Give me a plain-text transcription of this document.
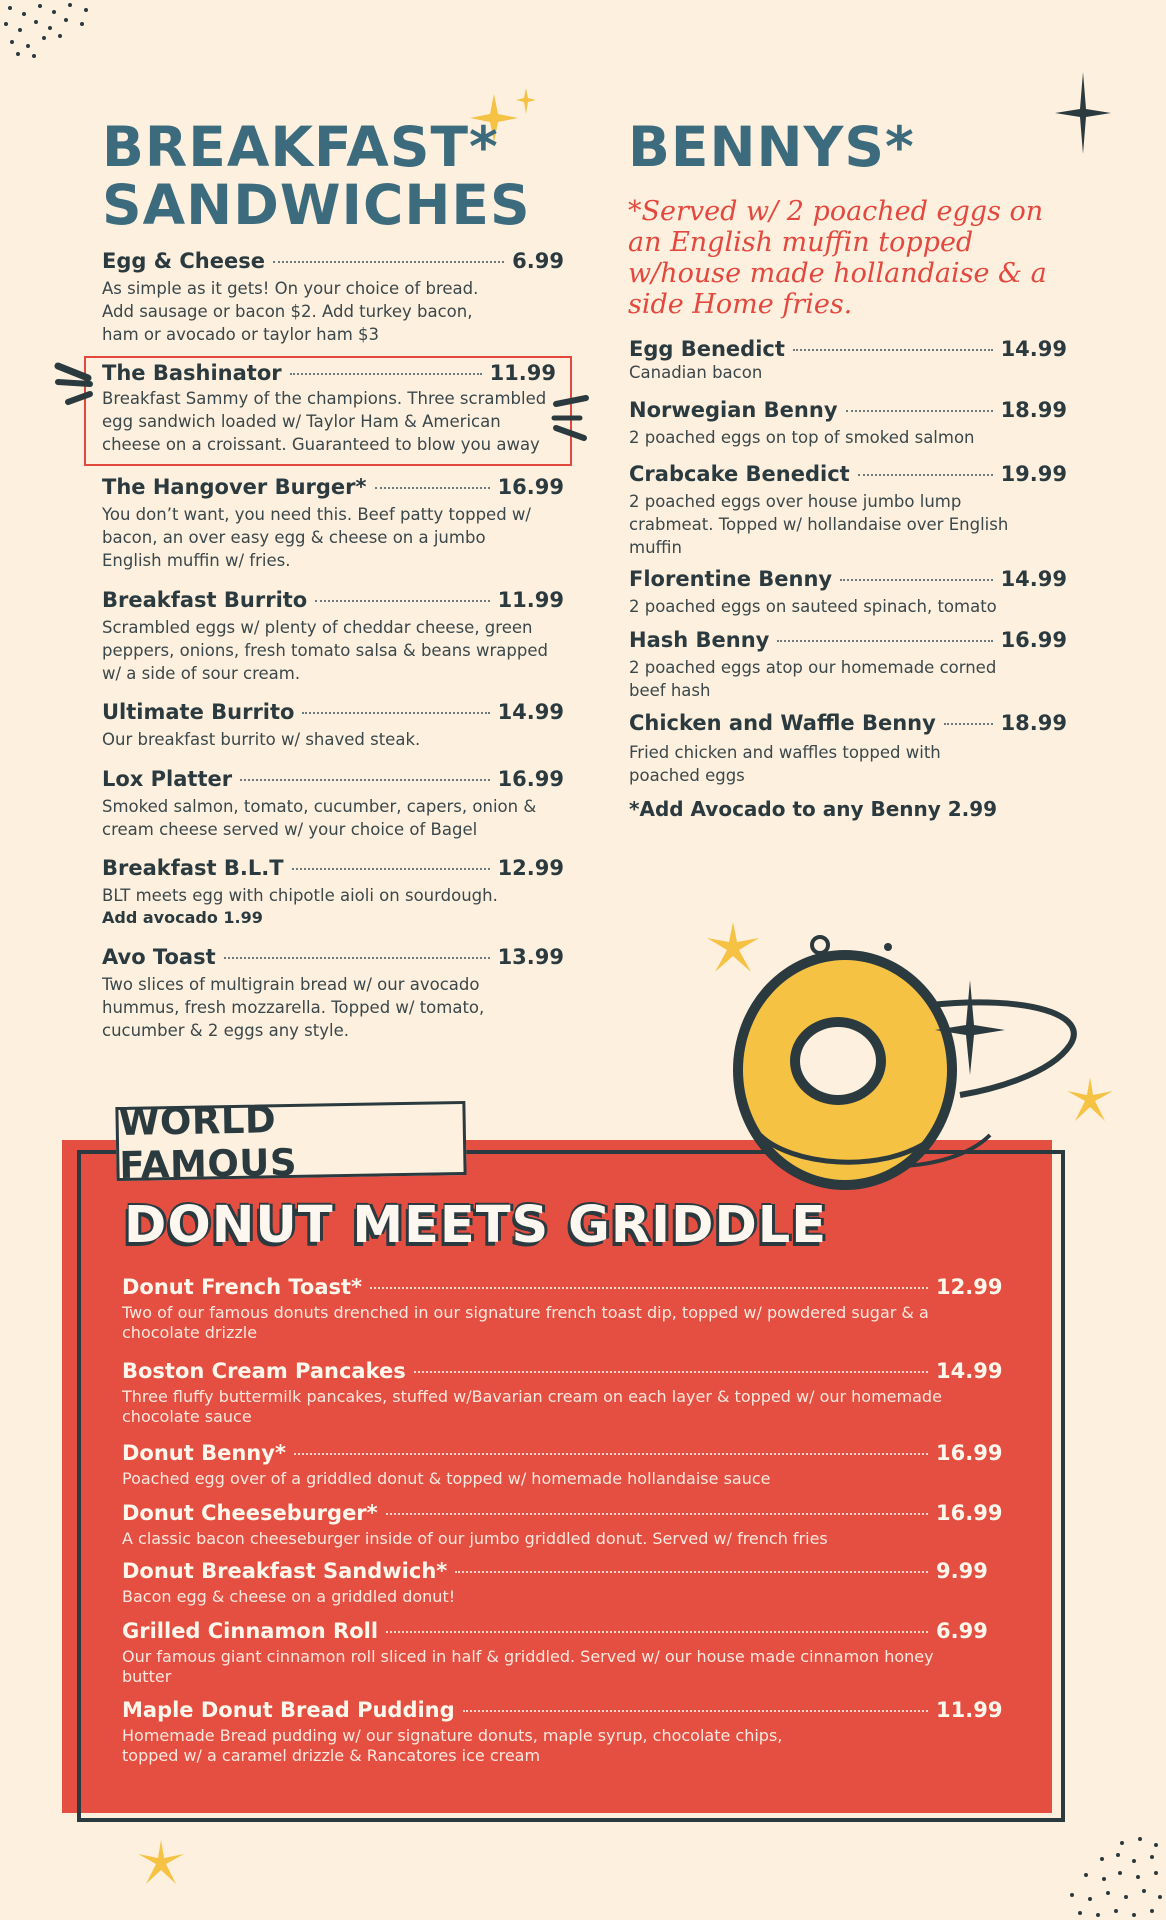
BREAKFAST*
SANDWICHES
Egg & Cheese	6.99
As simple as it gets! On your choice of bread. Add sausage or bacon $2. Add turkey bacon, ham or avocado or taylor ham $3
The Bashinator	11.99
Breakfast Sammy of the champions. Three scrambled egg sandwich loaded w/ Taylor Ham & American cheese on a croissant. Guaranteed to blow you away
The Hangover Burger*	16.99
You don’t want, you need this. Beef patty topped w/ bacon, an over easy egg & cheese on a jumbo English muffin w/ fries.
Breakfast Burrito	11.99
Scrambled eggs w/ plenty of cheddar cheese, green peppers, onions, fresh tomato salsa & beans wrapped w/ a side of sour cream.
Ultimate Burrito	14.99
Our breakfast burrito w/ shaved steak.
Lox Platter	16.99
Smoked salmon, tomato, cucumber, capers, onion & cream cheese served w/ your choice of Bagel
Breakfast B.L.T	12.99
BLT meets egg with chipotle aioli on sourdough.
Add avocado 1.99
Avo Toast	13.99
Two slices of multigrain bread w/ our avocado hummus, fresh mozzarella. Topped w/ tomato, cucumber & 2 eggs any style.
BENNYS*
*Served w/ 2 poached eggs on an English muffin topped w/house made hollandaise & a side Home fries.
Egg Benedict	14.99
Canadian bacon
Norwegian Benny	18.99
2 poached eggs on top of smoked salmon
Crabcake Benedict	19.99
2 poached eggs over house jumbo lump crabmeat. Topped w/ hollandaise over English muffin
Florentine Benny	14.99
2 poached eggs on sauteed spinach, tomato
Hash Benny	16.99
2 poached eggs atop our homemade corned beef hash
Chicken and Waffle Benny	18.99
Fried chicken and waffles topped with poached eggs
*Add Avocado to any Benny 2.99
WORLD FAMOUS
DONUT MEETS GRIDDLE
Donut French Toast*	12.99
Two of our famous donuts drenched in our signature french toast dip, topped w/ powdered sugar & a chocolate drizzle
Boston Cream Pancakes	14.99
Three fluffy buttermilk pancakes, stuffed w/Bavarian cream on each layer & topped w/ our homemade chocolate sauce
Donut Benny*	16.99
Poached egg over of a griddled donut & topped w/ homemade hollandaise sauce
Donut Cheeseburger*	16.99
A classic bacon cheeseburger inside of our jumbo griddled donut. Served w/ french fries
Donut Breakfast Sandwich*	9.99
Bacon egg & cheese on a griddled donut!
Grilled Cinnamon Roll	6.99
Our famous giant cinnamon roll sliced in half & griddled. Served w/ our house made cinnamon honey butter
Maple Donut Bread Pudding	11.99
Homemade Bread pudding w/ our signature donuts, maple syrup, chocolate chips, topped w/ a caramel drizzle & Rancatores ice cream
